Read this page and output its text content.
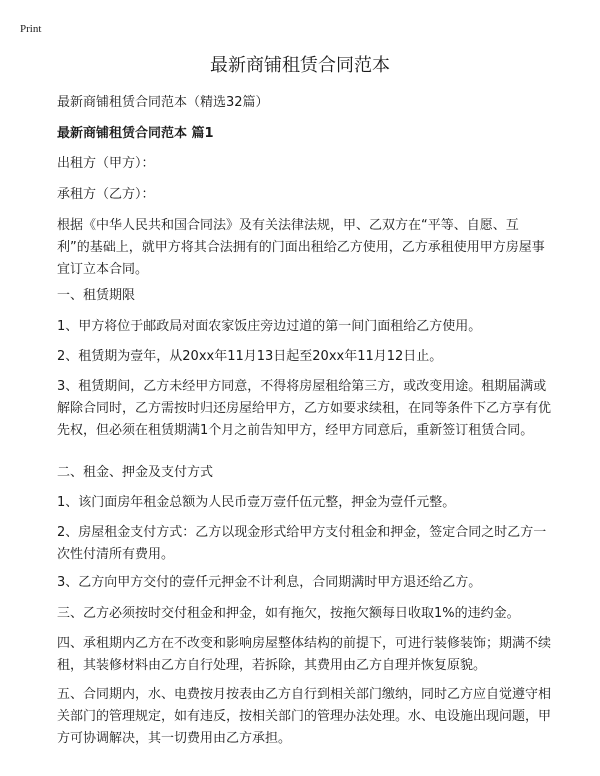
Print
最新商铺租赁合同范本

最新商铺租赁合同范本（精选32篇）

最新商铺租赁合同范本 篇1

出租方（甲方）：

承租方（乙方）：

根据《中华人民共和国合同法》及有关法律法规，甲、乙双方在“平等、自愿、互利”的基础上，就甲方将其合法拥有的门面出租给乙方使用，乙方承租使用甲方房屋事宜订立本合同。

一、租赁期限

1、甲方将位于邮政局对面农家饭庄旁边过道的第一间门面租给乙方使用。

2、租赁期为壹年，从20xx年11月13日起至20xx年11月12日止。

3、租赁期间，乙方未经甲方同意，不得将房屋租给第三方，或改变用途。租期届满或解除合同时，乙方需按时归还房屋给甲方，乙方如要求续租，在同等条件下乙方享有优先权，但必须在租赁期满1个月之前告知甲方，经甲方同意后，重新签订租赁合同。

二、租金、押金及支付方式

1、该门面房年租金总额为人民币壹万壹仟伍元整，押金为壹仟元整。

2、房屋租金支付方式：乙方以现金形式给甲方支付租金和押金，签定合同之时乙方一次性付清所有费用。

3、乙方向甲方交付的壹仟元押金不计利息，合同期满时甲方退还给乙方。

三、乙方必须按时交付租金和押金，如有拖欠，按拖欠额每日收取1%的违约金。

四、承租期内乙方在不改变和影响房屋整体结构的前提下，可进行装修装饰；期满不续租，其装修材料由乙方自行处理，若拆除，其费用由乙方自理并恢复原貌。

五、合同期内，水、电费按月按表由乙方自行到相关部门缴纳，同时乙方应自觉遵守相关部门的管理规定，如有违反，按相关部门的管理办法处理。水、电设施出现问题，甲方可协调解决，其一切费用由乙方承担。
